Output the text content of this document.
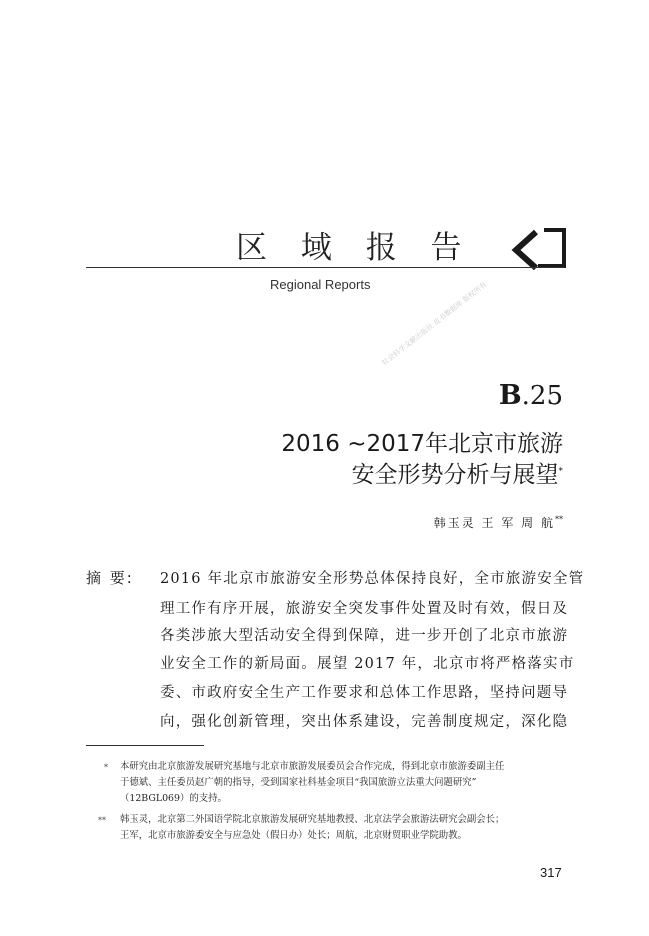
区 域 报 告
Regional Reports 社会科学文献出版社 皮书数据库 版权所有
B.25
2016 ~2017年北京市旅游
安全形势分析与展望*
韩玉灵 王 军 周 航**
摘 要: 2016 年北京市旅游安全形势总体保持良好，全市旅游安全管
理工作有序开展，旅游安全突发事件处置及时有效，假日及
各类涉旅大型活动安全得到保障，进一步开创了北京市旅游
业安全工作的新局面。展望 2017 年，北京市将严格落实市
委、市政府安全生产工作要求和总体工作思路，坚持问题导
向，强化创新管理，突出体系建设，完善制度规定，深化隐
* 本研究由北京旅游发展研究基地与北京市旅游发展委员会合作完成，得到北京市旅游委副主任
于德斌、主任委员赵广朝的指导，受到国家社科基金项目“我国旅游立法重大问题研究”
（12BGL069）的支持。
** 韩玉灵，北京第二外国语学院北京旅游发展研究基地教授、北京法学会旅游法研究会副会长；
王军，北京市旅游委安全与应急处（假日办）处长；周航，北京财贸职业学院助教。
317
